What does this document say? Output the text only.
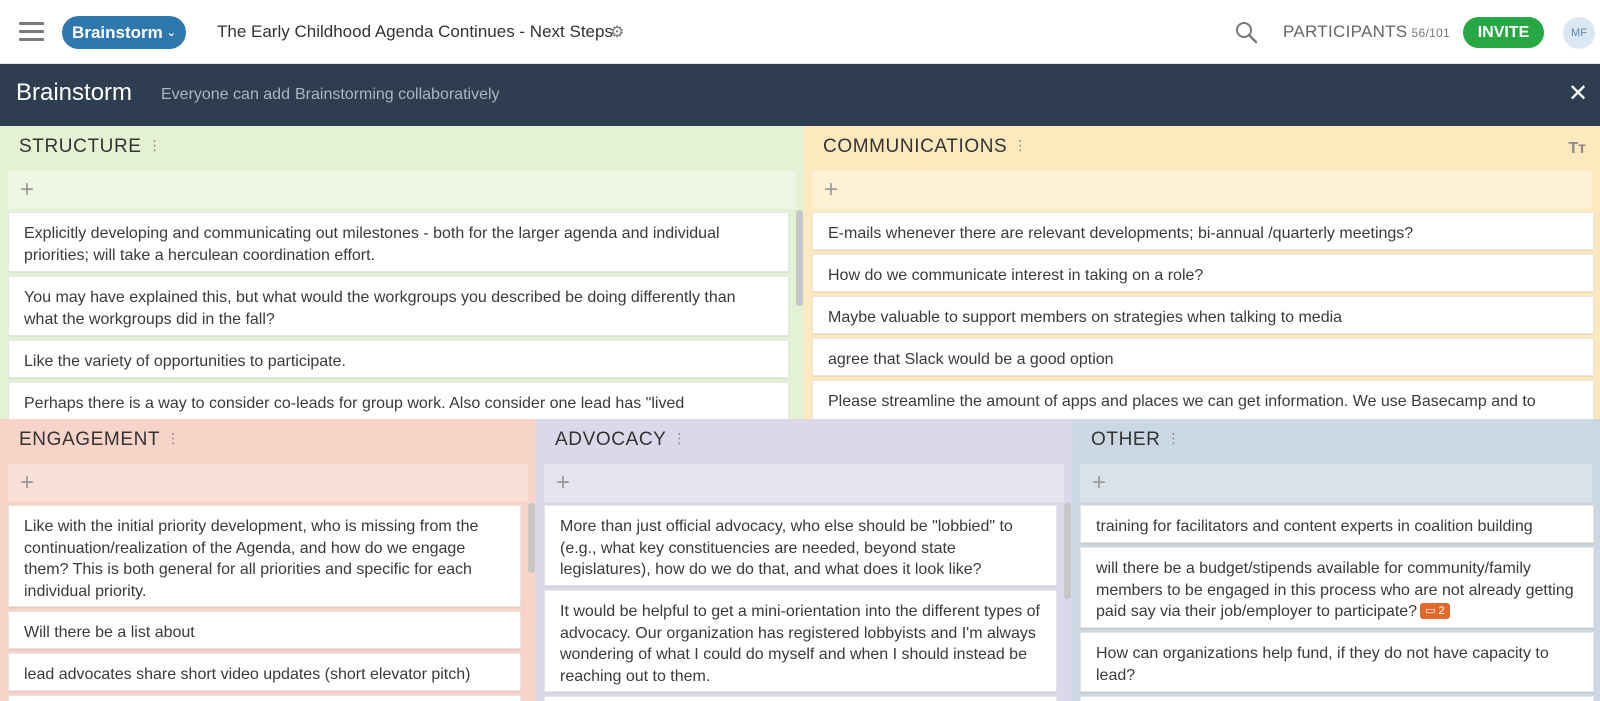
Brainstorm ⌄ The Early Childhood Agenda Continues - Next Steps
⚙	PARTICIPANTS 56/101	INVITE	MF
Brainstorm Everyone can add Brainstorming collaboratively	✕
STRUCTURE ⋮
+
Explicitly developing and communicating out milestones - both for the larger agenda and individual priorities; will take a herculean coordination effort.
You may have explained this, but what would the workgroups you described be doing differently than what the workgroups did in the fall?
Like the variety of opportunities to participate.
Perhaps there is a way to consider co-leads for group work. Also consider one lead has "lived
COMMUNICATIONS ⋮	Tт
+
E-mails whenever there are relevant developments; bi-annual /quarterly meetings?
How do we communicate interest in taking on a role?
Maybe valuable to support members on strategies when talking to media
agree that Slack would be a good option
Please streamline the amount of apps and places we can get information. We use Basecamp and to
ENGAGEMENT ⋮
+
Like with the initial priority development, who is missing from the continuation/realization of the Agenda, and how do we engage them? This is both general for all priorities and specific for each individual priority.
Will there be a list about
lead advocates share short video updates (short elevator pitch)
ADVOCACY ⋮
+
More than just official advocacy, who else should be "lobbied" to (e.g., what key constituencies are needed, beyond state legislatures), how do we do that, and what does it look like?
It would be helpful to get a mini-orientation into the different types of advocacy. Our organization has registered lobbyists and I'm always wondering of what I could do myself and when I should instead be reaching out to them.
OTHER ⋮
+
training for facilitators and content experts in coalition building
will there be a budget/stipends available for community/family members to be engaged in this process who are not already getting paid say via their job/employer to participate? ▭ 2
How can organizations help fund, if they do not have capacity to lead?
